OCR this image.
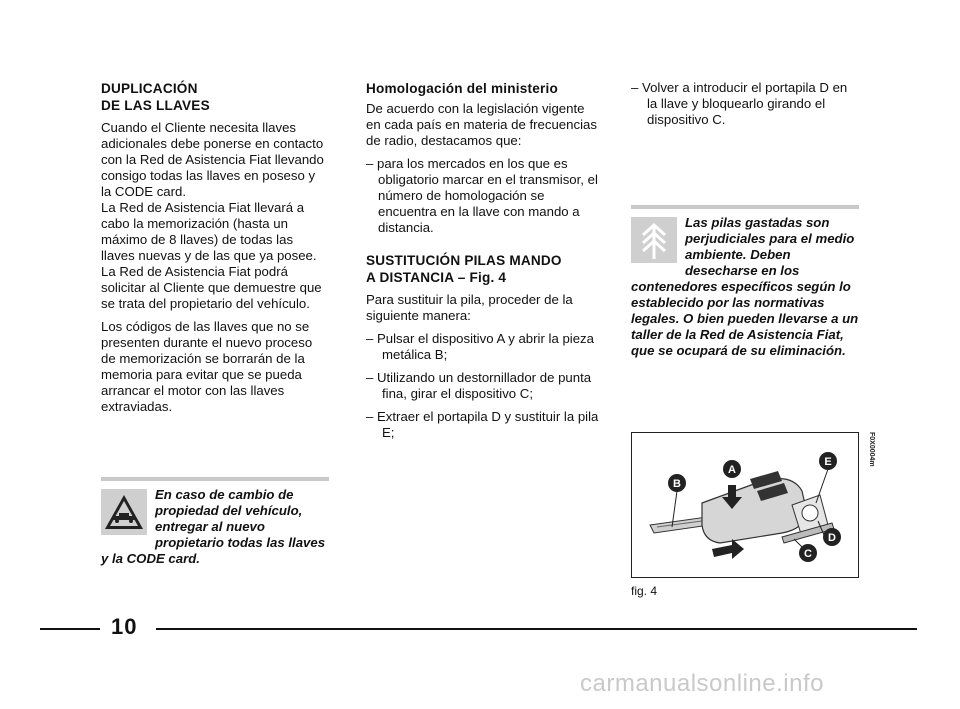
DUPLICACIÓN
DE LAS LLAVES

Cuando el Cliente necesita llaves adicionales debe ponerse en contacto con la Red de Asistencia Fiat llevando consigo todas las llaves en poseso y la CODE card.

La Red de Asistencia Fiat llevará a cabo la memorización (hasta un máximo de 8 llaves) de todas las llaves nuevas y de las que ya posee.

La Red de Asistencia Fiat podrá solicitar al Cliente que demuestre que se trata del propietario del vehículo.

Los códigos de las llaves que no se presenten durante el nuevo proceso de memorización se borrarán de la memoria para evitar que se pueda arrancar el motor con las llaves extraviadas.

En caso de cambio de propiedad del vehículo, entregar al nuevo propietario todas las llaves y la CODE card.
Homologación del ministerio

De acuerdo con la legislación vigente en cada país en materia de frecuencias de radio, destacamos que:

– para los mercados en los que es obligatorio marcar en el transmisor, el número de homologación se encuentra en la llave con mando a distancia.

SUSTITUCIÓN PILAS MANDO
A DISTANCIA – Fig. 4

Para sustituir la pila, proceder de la siguiente manera:

– Pulsar el dispositivo A y abrir la pieza metálica B;

– Utilizando un destornillador de punta fina, girar el dispositivo C;

– Extraer el portapila D y sustituir la pila E;

– Volver a introducir el portapila D en la llave y bloquearlo girando el dispositivo C.

Las pilas gastadas son perjudiciales para el medio ambiente. Deben desecharse en los contenedores específicos según lo establecido por las normativas legales. O bien pueden llevarse a un taller de la Red de Asistencia Fiat, que se ocupará de su eliminación.
A
B
C
D
E	F0X0004m
fig. 4
10
carmanualsonline.info
